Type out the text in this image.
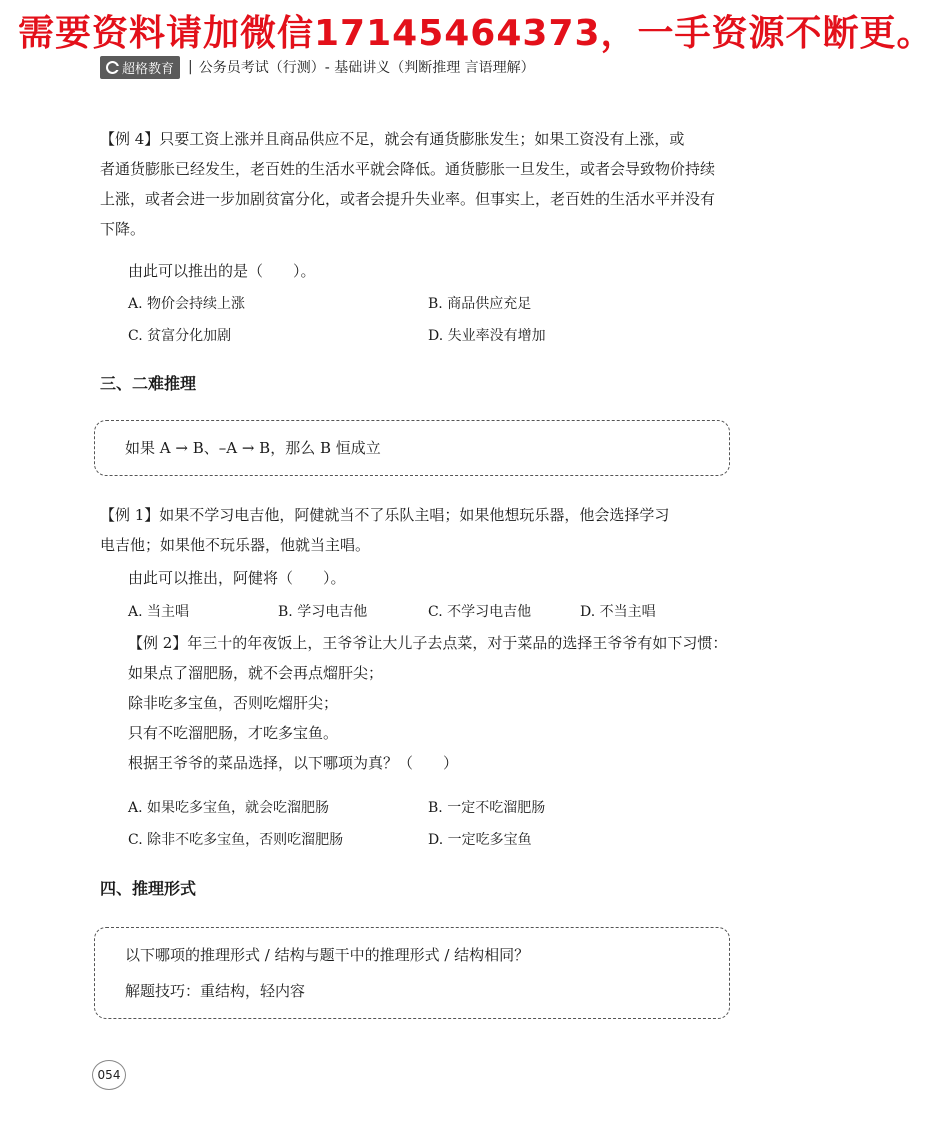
需要资料请加微信17145464373，一手资源不断更。
超格教育 | 公务员考试（行测）- 基础讲义（判断推理 言语理解）
【例 4】只要工资上涨并且商品供应不足，就会有通货膨胀发生；如果工资没有上涨，或
者通货膨胀已经发生，老百姓的生活水平就会降低。通货膨胀一旦发生，或者会导致物价持续
上涨，或者会进一步加剧贫富分化，或者会提升失业率。但事实上，老百姓的生活水平并没有
下降。
由此可以推出的是（　　）。
A. 物价会持续上涨	B. 商品供应充足
C. 贫富分化加剧	D. 失业率没有增加
三、二难推理
如果 A → B、–A → B，那么 B 恒成立
【例 1】如果不学习电吉他，阿健就当不了乐队主唱；如果他想玩乐器，他会选择学习
电吉他；如果他不玩乐器，他就当主唱。
由此可以推出，阿健将（　　）。
A. 当主唱	B. 学习电吉他	C. 不学习电吉他	D. 不当主唱
【例 2】年三十的年夜饭上，王爷爷让大儿子去点菜，对于菜品的选择王爷爷有如下习惯：
如果点了溜肥肠，就不会再点熘肝尖；
除非吃多宝鱼，否则吃熘肝尖；
只有不吃溜肥肠，才吃多宝鱼。
根据王爷爷的菜品选择，以下哪项为真？（　　）
A. 如果吃多宝鱼，就会吃溜肥肠	B. 一定不吃溜肥肠
C. 除非不吃多宝鱼，否则吃溜肥肠	D. 一定吃多宝鱼
四、推理形式
以下哪项的推理形式 / 结构与题干中的推理形式 / 结构相同？
解题技巧：重结构，轻内容
054
